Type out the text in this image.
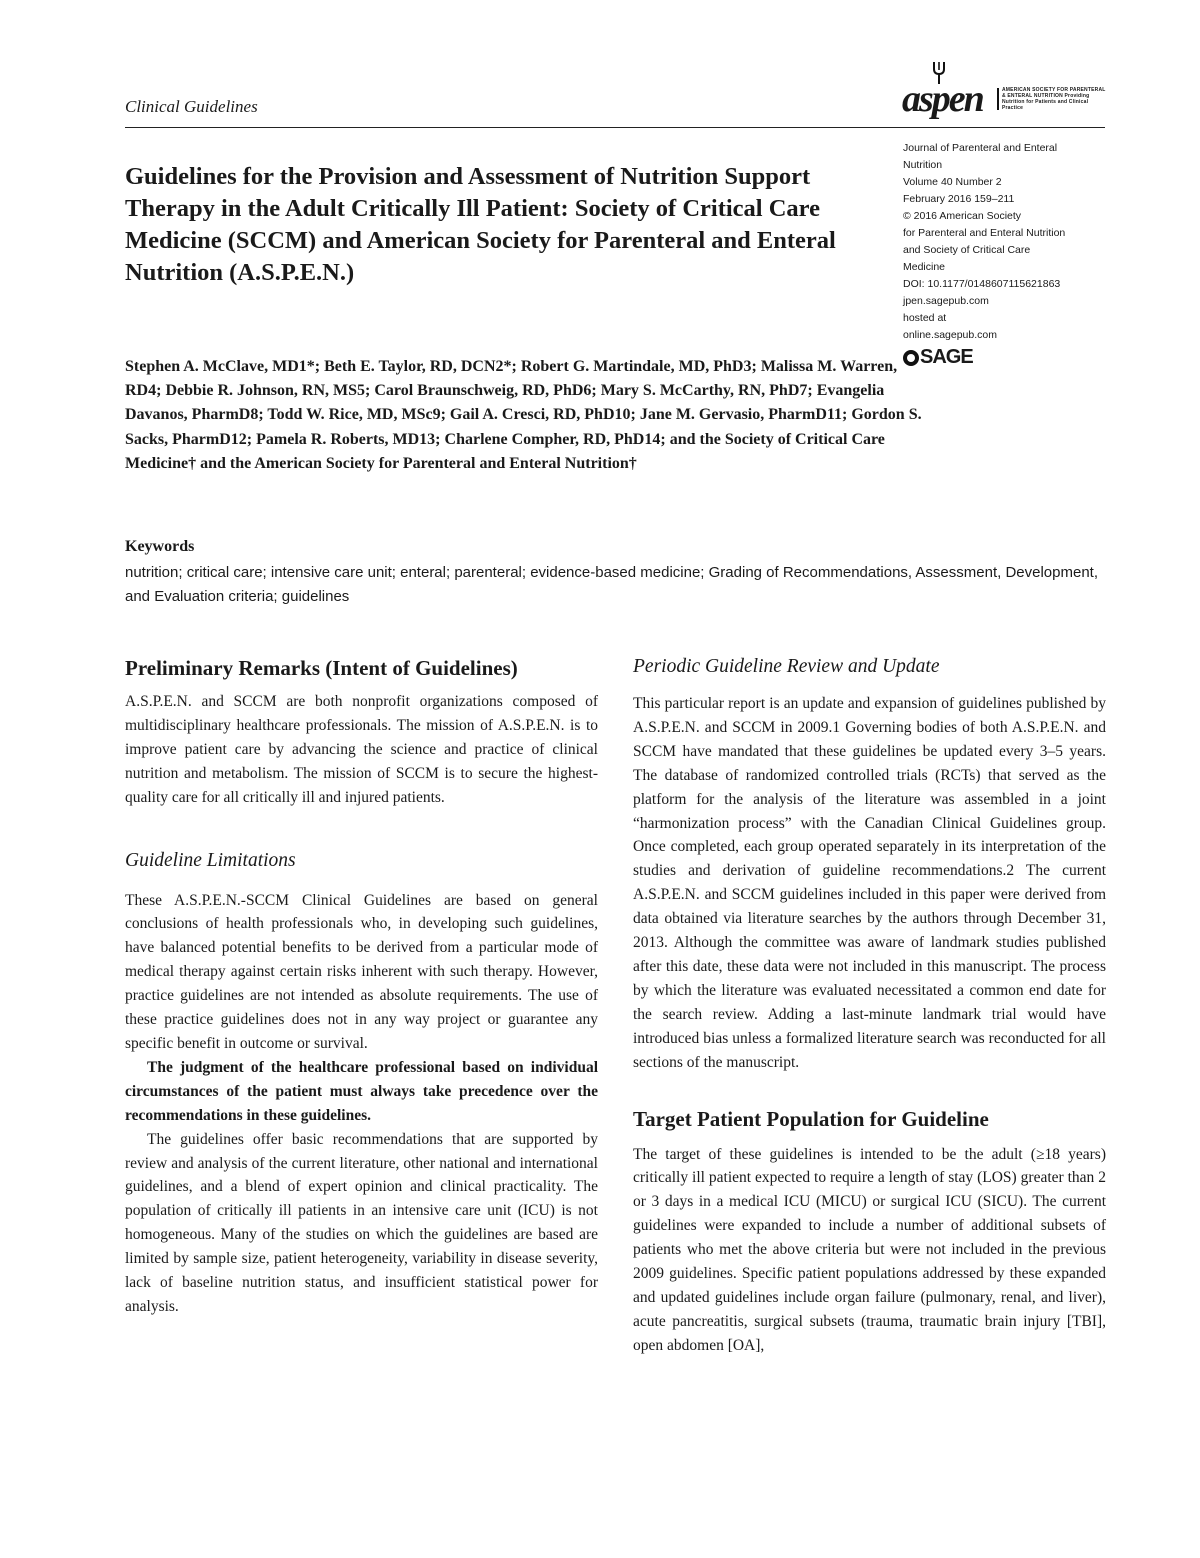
Clinical Guidelines	aspen	AMERICAN SOCIETY FOR PARENTERAL & ENTERAL NUTRITION Providing Nutrition for Patients and Clinical Practice
Journal of Parenteral and Enteral
Nutrition
Volume 40 Number 2
February 2016 159–211
© 2016 American Society
for Parenteral and Enteral Nutrition
and Society of Critical Care
Medicine
DOI: 10.1177/0148607115621863
jpen.sagepub.com
hosted at
online.sagepub.com
SAGE
Guidelines for the Provision and Assessment of Nutrition Support Therapy in the Adult Critically Ill Patient: Society of Critical Care Medicine (SCCM) and American Society for Parenteral and Enteral Nutrition (A.S.P.E.N.)
Stephen A. McClave, MD1*; Beth E. Taylor, RD, DCN2*; Robert G. Martindale, MD, PhD3; Malissa M. Warren, RD4; Debbie R. Johnson, RN, MS5; Carol Braunschweig, RD, PhD6; Mary S. McCarthy, RN, PhD7; Evangelia Davanos, PharmD8; Todd W. Rice, MD, MSc9; Gail A. Cresci, RD, PhD10; Jane M. Gervasio, PharmD11; Gordon S. Sacks, PharmD12; Pamela R. Roberts, MD13; Charlene Compher, RD, PhD14; and the Society of Critical Care Medicine† and the American Society for Parenteral and Enteral Nutrition†
Keywords
nutrition; critical care; intensive care unit; enteral; parenteral; evidence-based medicine; Grading of Recommendations, Assessment, Development, and Evaluation criteria; guidelines
Preliminary Remarks (Intent of Guidelines)

A.S.P.E.N. and SCCM are both nonprofit organizations composed of multidisciplinary healthcare professionals. The mission of A.S.P.E.N. is to improve patient care by advancing the science and practice of clinical nutrition and metabolism. The mission of SCCM is to secure the highest-quality care for all critically ill and injured patients.

Guideline Limitations

These A.S.P.E.N.-SCCM Clinical Guidelines are based on general conclusions of health professionals who, in developing such guidelines, have balanced potential benefits to be derived from a particular mode of medical therapy against certain risks inherent with such therapy. However, practice guidelines are not intended as absolute requirements. The use of these practice guidelines does not in any way project or guarantee any specific benefit in outcome or survival.

The judgment of the healthcare professional based on individual circumstances of the patient must always take precedence over the recommendations in these guidelines.

The guidelines offer basic recommendations that are supported by review and analysis of the current literature, other national and international guidelines, and a blend of expert opinion and clinical practicality. The population of critically ill patients in an intensive care unit (ICU) is not homogeneous. Many of the studies on which the guidelines are based are limited by sample size, patient heterogeneity, variability in disease severity, lack of baseline nutrition status, and insufficient statistical power for analysis.

Periodic Guideline Review and Update

This particular report is an update and expansion of guidelines published by A.S.P.E.N. and SCCM in 2009.1 Governing bodies of both A.S.P.E.N. and SCCM have mandated that these guidelines be updated every 3–5 years. The database of randomized controlled trials (RCTs) that served as the platform for the analysis of the literature was assembled in a joint “harmonization process” with the Canadian Clinical Guidelines group. Once completed, each group operated separately in its interpretation of the studies and derivation of guideline recommendations.2 The current A.S.P.E.N. and SCCM guidelines included in this paper were derived from data obtained via literature searches by the authors through December 31, 2013. Although the committee was aware of landmark studies published after this date, these data were not included in this manuscript. The process by which the literature was evaluated necessitated a common end date for the search review. Adding a last-minute landmark trial would have introduced bias unless a formalized literature search was reconducted for all sections of the manuscript.

Target Patient Population for Guideline

The target of these guidelines is intended to be the adult (≥18 years) critically ill patient expected to require a length of stay (LOS) greater than 2 or 3 days in a medical ICU (MICU) or surgical ICU (SICU). The current guidelines were expanded to include a number of additional subsets of patients who met the above criteria but were not included in the previous 2009 guidelines. Specific patient populations addressed by these expanded and updated guidelines include organ failure (pulmonary, renal, and liver), acute pancreatitis, surgical subsets (trauma, traumatic brain injury [TBI], open abdomen [OA],
